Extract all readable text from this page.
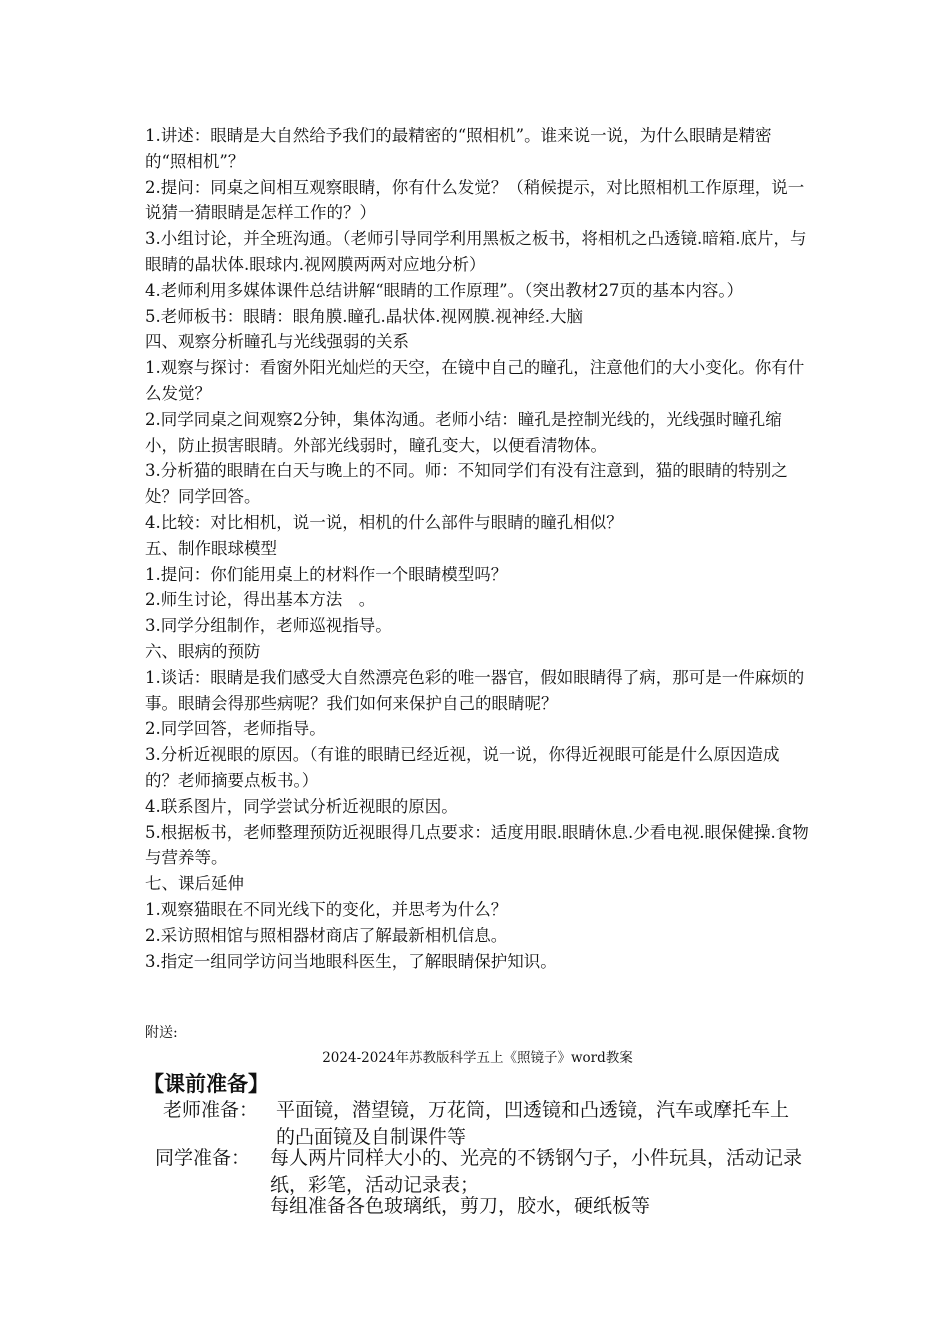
1.讲述：眼睛是大自然给予我们的最精密的“照相机”。谁来说一说，为什么眼睛是精密的“照相机”？

2.提问：同桌之间相互观察眼睛，你有什么发觉？（稍候提示，对比照相机工作原理，说一说猜一猜眼睛是怎样工作的？）

3.小组讨论，并全班沟通。（老师引导同学利用黑板之板书，将相机之凸透镜.暗箱.底片，与眼睛的晶状体.眼球内.视网膜两两对应地分析）

4.老师利用多媒体课件总结讲解“眼睛的工作原理”。（突出教材27页的基本内容。）

5.老师板书：眼睛：眼角膜.瞳孔.晶状体.视网膜.视神经.大脑

四、观察分析瞳孔与光线强弱的关系

1.观察与探讨：看窗外阳光灿烂的天空，在镜中自己的瞳孔，注意他们的大小变化。你有什么发觉？

2.同学同桌之间观察2分钟，集体沟通。老师小结：瞳孔是控制光线的，光线强时瞳孔缩小，防止损害眼睛。外部光线弱时，瞳孔变大，以便看清物体。

3.分析猫的眼睛在白天与晚上的不同。师：不知同学们有没有注意到，猫的眼睛的特别之处？同学回答。

4.比较：对比相机，说一说，相机的什么部件与眼睛的瞳孔相似？

五、制作眼球模型

1.提问：你们能用桌上的材料作一个眼睛模型吗？

2.师生讨论，得出基本方法　。

3.同学分组制作，老师巡视指导。

六、眼病的预防

1.谈话：眼睛是我们感受大自然漂亮色彩的唯一器官，假如眼睛得了病，那可是一件麻烦的事。眼睛会得那些病呢？我们如何来保护自己的眼睛呢？

2.同学回答，老师指导。

3.分析近视眼的原因。（有谁的眼睛已经近视，说一说，你得近视眼可能是什么原因造成的？老师摘要点板书。）

4.联系图片，同学尝试分析近视眼的原因。

5.根据板书，老师整理预防近视眼得几点要求：适度用眼.眼睛休息.少看电视.眼保健操.食物与营养等。

七、课后延伸

1.观察猫眼在不同光线下的变化，并思考为什么？

2.采访照相馆与照相器材商店了解最新相机信息。

3.指定一组同学访问当地眼科医生，了解眼睛保护知识。

附送:
2024-2024年苏教版科学五上《照镜子》word教案
【课前准备】
老师准备： 平面镜，潜望镜，万花筒，凹透镜和凸透镜，汽车或摩托车上的凸面镜及自制课件等
同学准备： 每人两片同样大小的、光亮的不锈钢勺子，小件玩具，活动记录纸，彩笔，活动记录表；
每组准备各色玻璃纸，剪刀，胶水，硬纸板等
